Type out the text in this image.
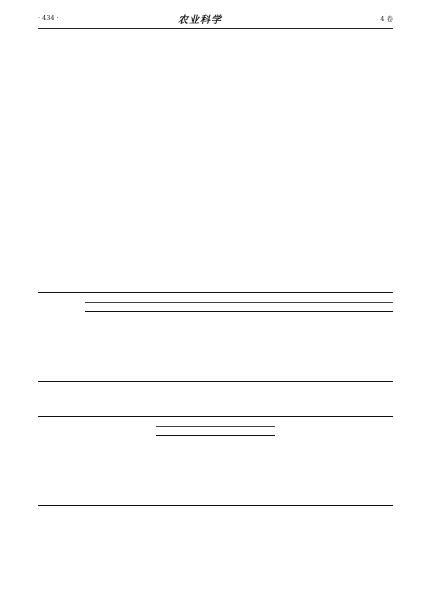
· 434 ·	农业科学	4 卷
